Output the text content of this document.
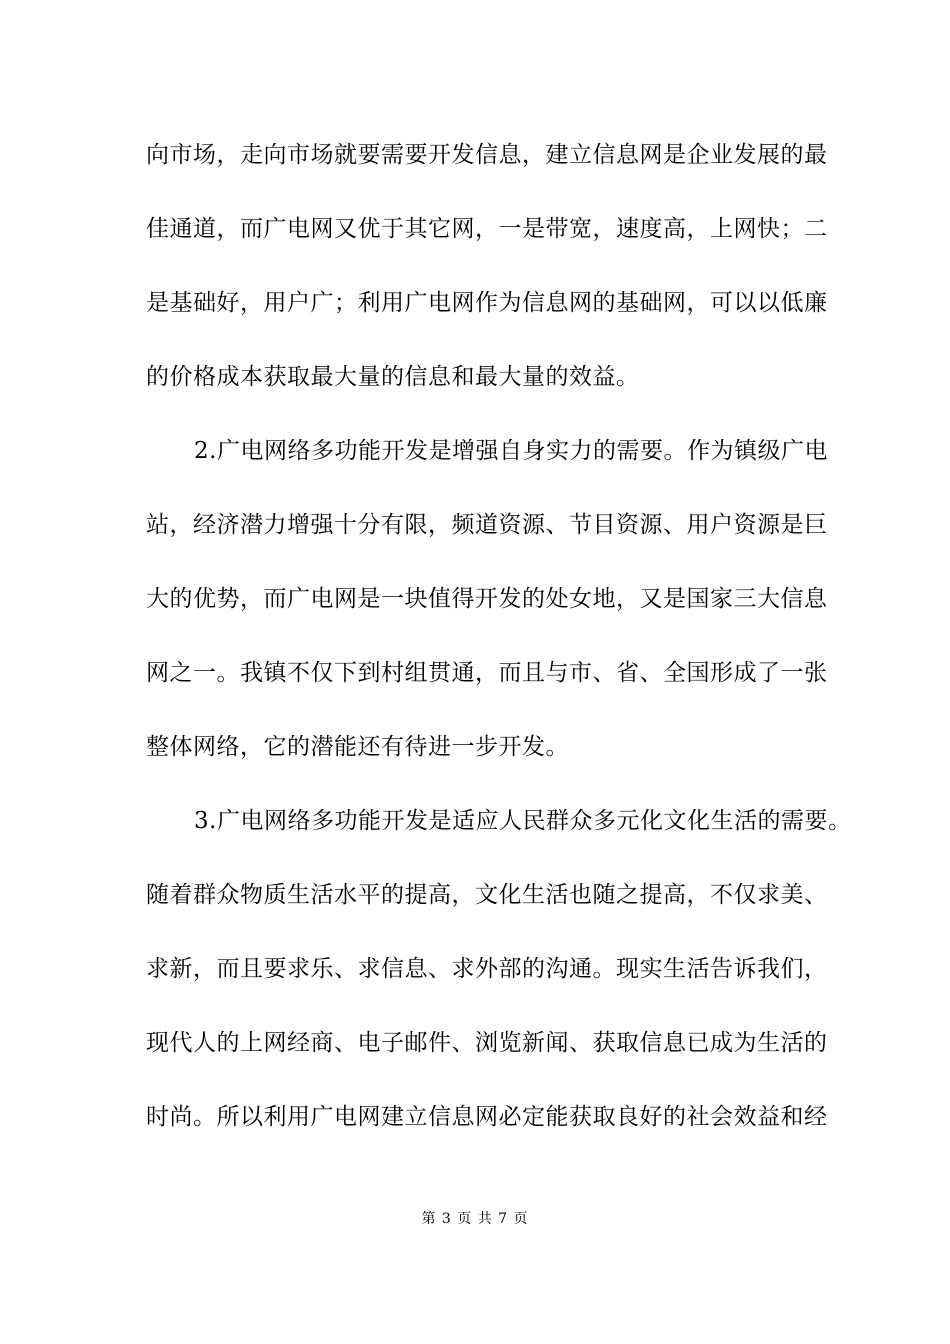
向市场，走向市场就要需要开发信息，建立信息网是企业发展的最
佳通道，而广电网又优于其它网，一是带宽，速度高，上网快；二
是基础好，用户广；利用广电网作为信息网的基础网，可以以低廉
的价格成本获取最大量的信息和最大量的效益。
2.广电网络多功能开发是增强自身实力的需要。作为镇级广电
站，经济潜力增强十分有限，频道资源、节目资源、用户资源是巨
大的优势，而广电网是一块值得开发的处女地，又是国家三大信息
网之一。我镇不仅下到村组贯通，而且与市、省、全国形成了一张
整体网络，它的潜能还有待进一步开发。
3.广电网络多功能开发是适应人民群众多元化文化生活的需要。
随着群众物质生活水平的提高，文化生活也随之提高，不仅求美、
求新，而且要求乐、求信息、求外部的沟通。现实生活告诉我们，
现代人的上网经商、电子邮件、浏览新闻、获取信息已成为生活的
时尚。所以利用广电网建立信息网必定能获取良好的社会效益和经
第 3 页 共 7 页
